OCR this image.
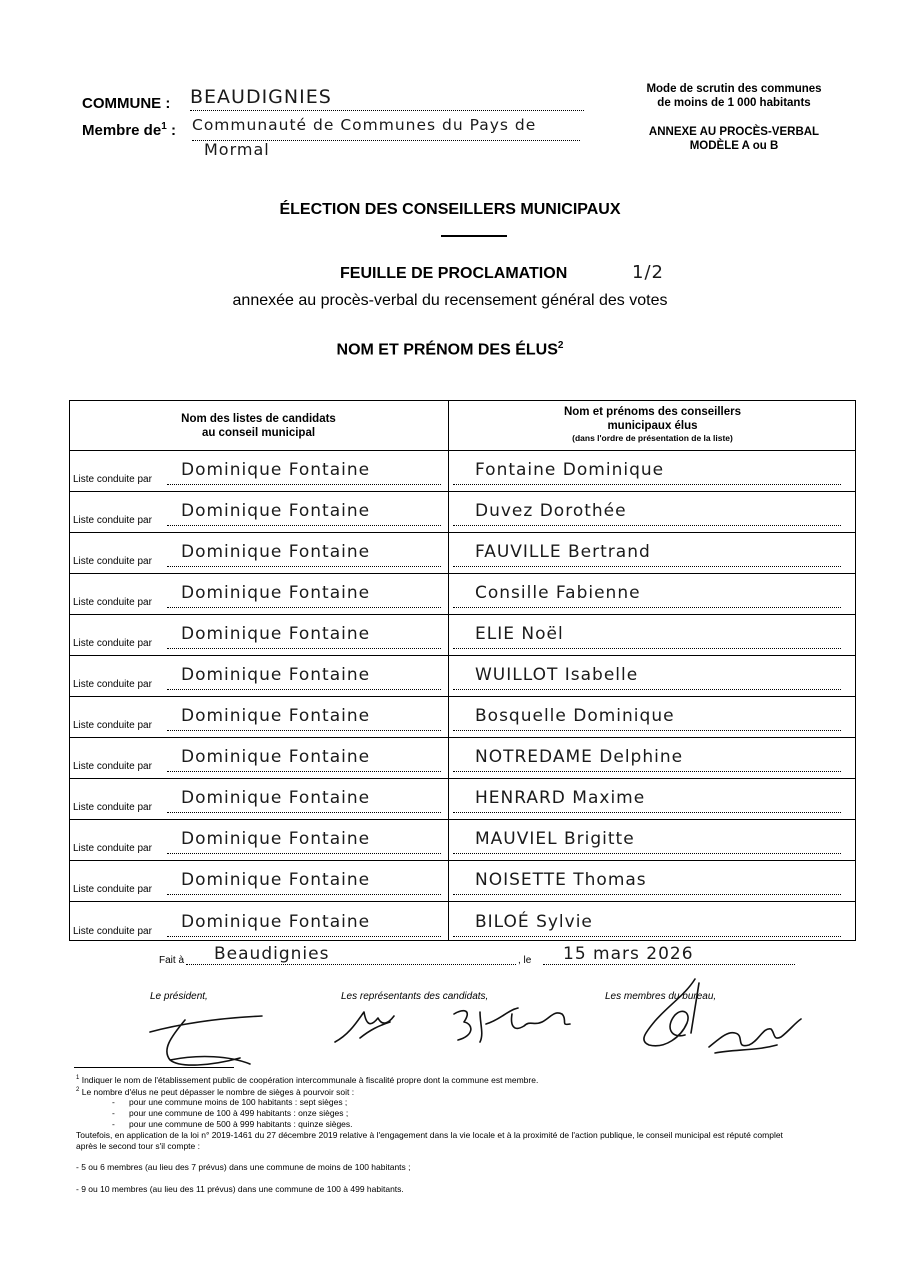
COMMUNE : BEAUDIGNIES
Membre $de^1$ : Communauté de Communes du Pays de
Mormal
Mode de scrutin des communes
de moins de 1 000 habitants
ANNEXE AU PROCÈS-VERBAL
MODÈLE A ou B
ÉLECTION DES CONSEILLERS MUNICIPAUX
FEUILLE DE PROCLAMATION	1/2
annexée au procès-verbal du recensement général des votes
NOM ET PRÉNOM DES ÉLUS$^2$
Nom des listes de candidats
au conseil municipal
Nom et prénoms des conseillers
municipaux élus
(dans l'ordre de présentation de la liste)
Liste conduite par	Dominique Fontaine	Fontaine Dominique
Liste conduite par	Dominique Fontaine	Duvez Dorothée
Liste conduite par	Dominique Fontaine	FAUVILLE Bertrand
Liste conduite par	Dominique Fontaine	Consille Fabienne
Liste conduite par	Dominique Fontaine	ELIE Noël
Liste conduite par	Dominique Fontaine	WUILLOT Isabelle
Liste conduite par	Dominique Fontaine	Bosquelle Dominique
Liste conduite par	Dominique Fontaine	NOTREDAME Delphine
Liste conduite par	Dominique Fontaine	HENRARD Maxime
Liste conduite par	Dominique Fontaine	MAUVIEL Brigitte
Liste conduite par	Dominique Fontaine	NOISETTE Thomas
Liste conduite par	Dominique Fontaine	BILOÉ Sylvie
Fait à	Beaudignies	, le	15 mars 2026
Le président,	Les représentants des candidats,	Les membres du bureau,
$^1$ Indiquer le nom de l'établissement public de coopération intercommunale à fiscalité propre dont la commune est membre.
$^2$ Le nombre d'élus ne peut dépasser le nombre de sièges à pourvoir soit :
-      pour une commune moins de 100 habitants : sept sièges ;
-      pour une commune de 100 à 499 habitants : onze sièges ;
-      pour une commune de 500 à 999 habitants : quinze sièges.
Toutefois, en application de la loi n° 2019-1461 du 27 décembre 2019 relative à l'engagement dans la vie locale et à la proximité de l'action publique, le conseil municipal est réputé complet
après le second tour s'il compte :
- 5 ou 6 membres (au lieu des 7 prévus) dans une commune de moins de 100 habitants ;
- 9 ou 10 membres (au lieu des 11 prévus) dans une commune de 100 à 499 habitants.
